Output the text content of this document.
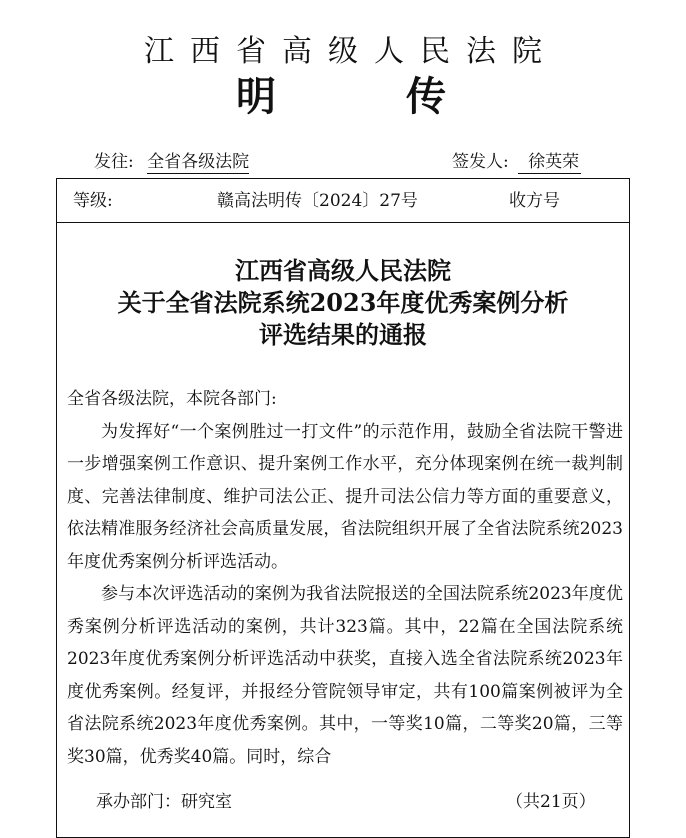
江西省高级人民法院
明	传
发往: 全省各级法院	签发人: 徐英荣
等级:	赣高法明传〔2024〕27号	收方号
江西省高级人民法院
关于全省法院系统2023年度优秀案例分析
评选结果的通报

全省各级法院，本院各部门:

为发挥好“一个案例胜过一打文件”的示范作用，鼓励全省法院干警进一步增强案例工作意识、提升案例工作水平，充分体现案例在统一裁判制度、完善法律制度、维护司法公正、提升司法公信力等方面的重要意义，依法精准服务经济社会高质量发展，省法院组织开展了全省法院系统2023年度优秀案例分析评选活动。

参与本次评选活动的案例为我省法院报送的全国法院系统2023年度优秀案例分析评选活动的案例，共计323篇。其中，22篇在全国法院系统2023年度优秀案例分析评选活动中获奖，直接入选全省法院系统2023年度优秀案例。经复评，并报经分管院领导审定，共有100篇案例被评为全省法院系统2023年度优秀案例。其中，一等奖10篇，二等奖20篇，三等奖30篇，优秀奖40篇。同时，综合

承办部门：研究室	（共21页）
